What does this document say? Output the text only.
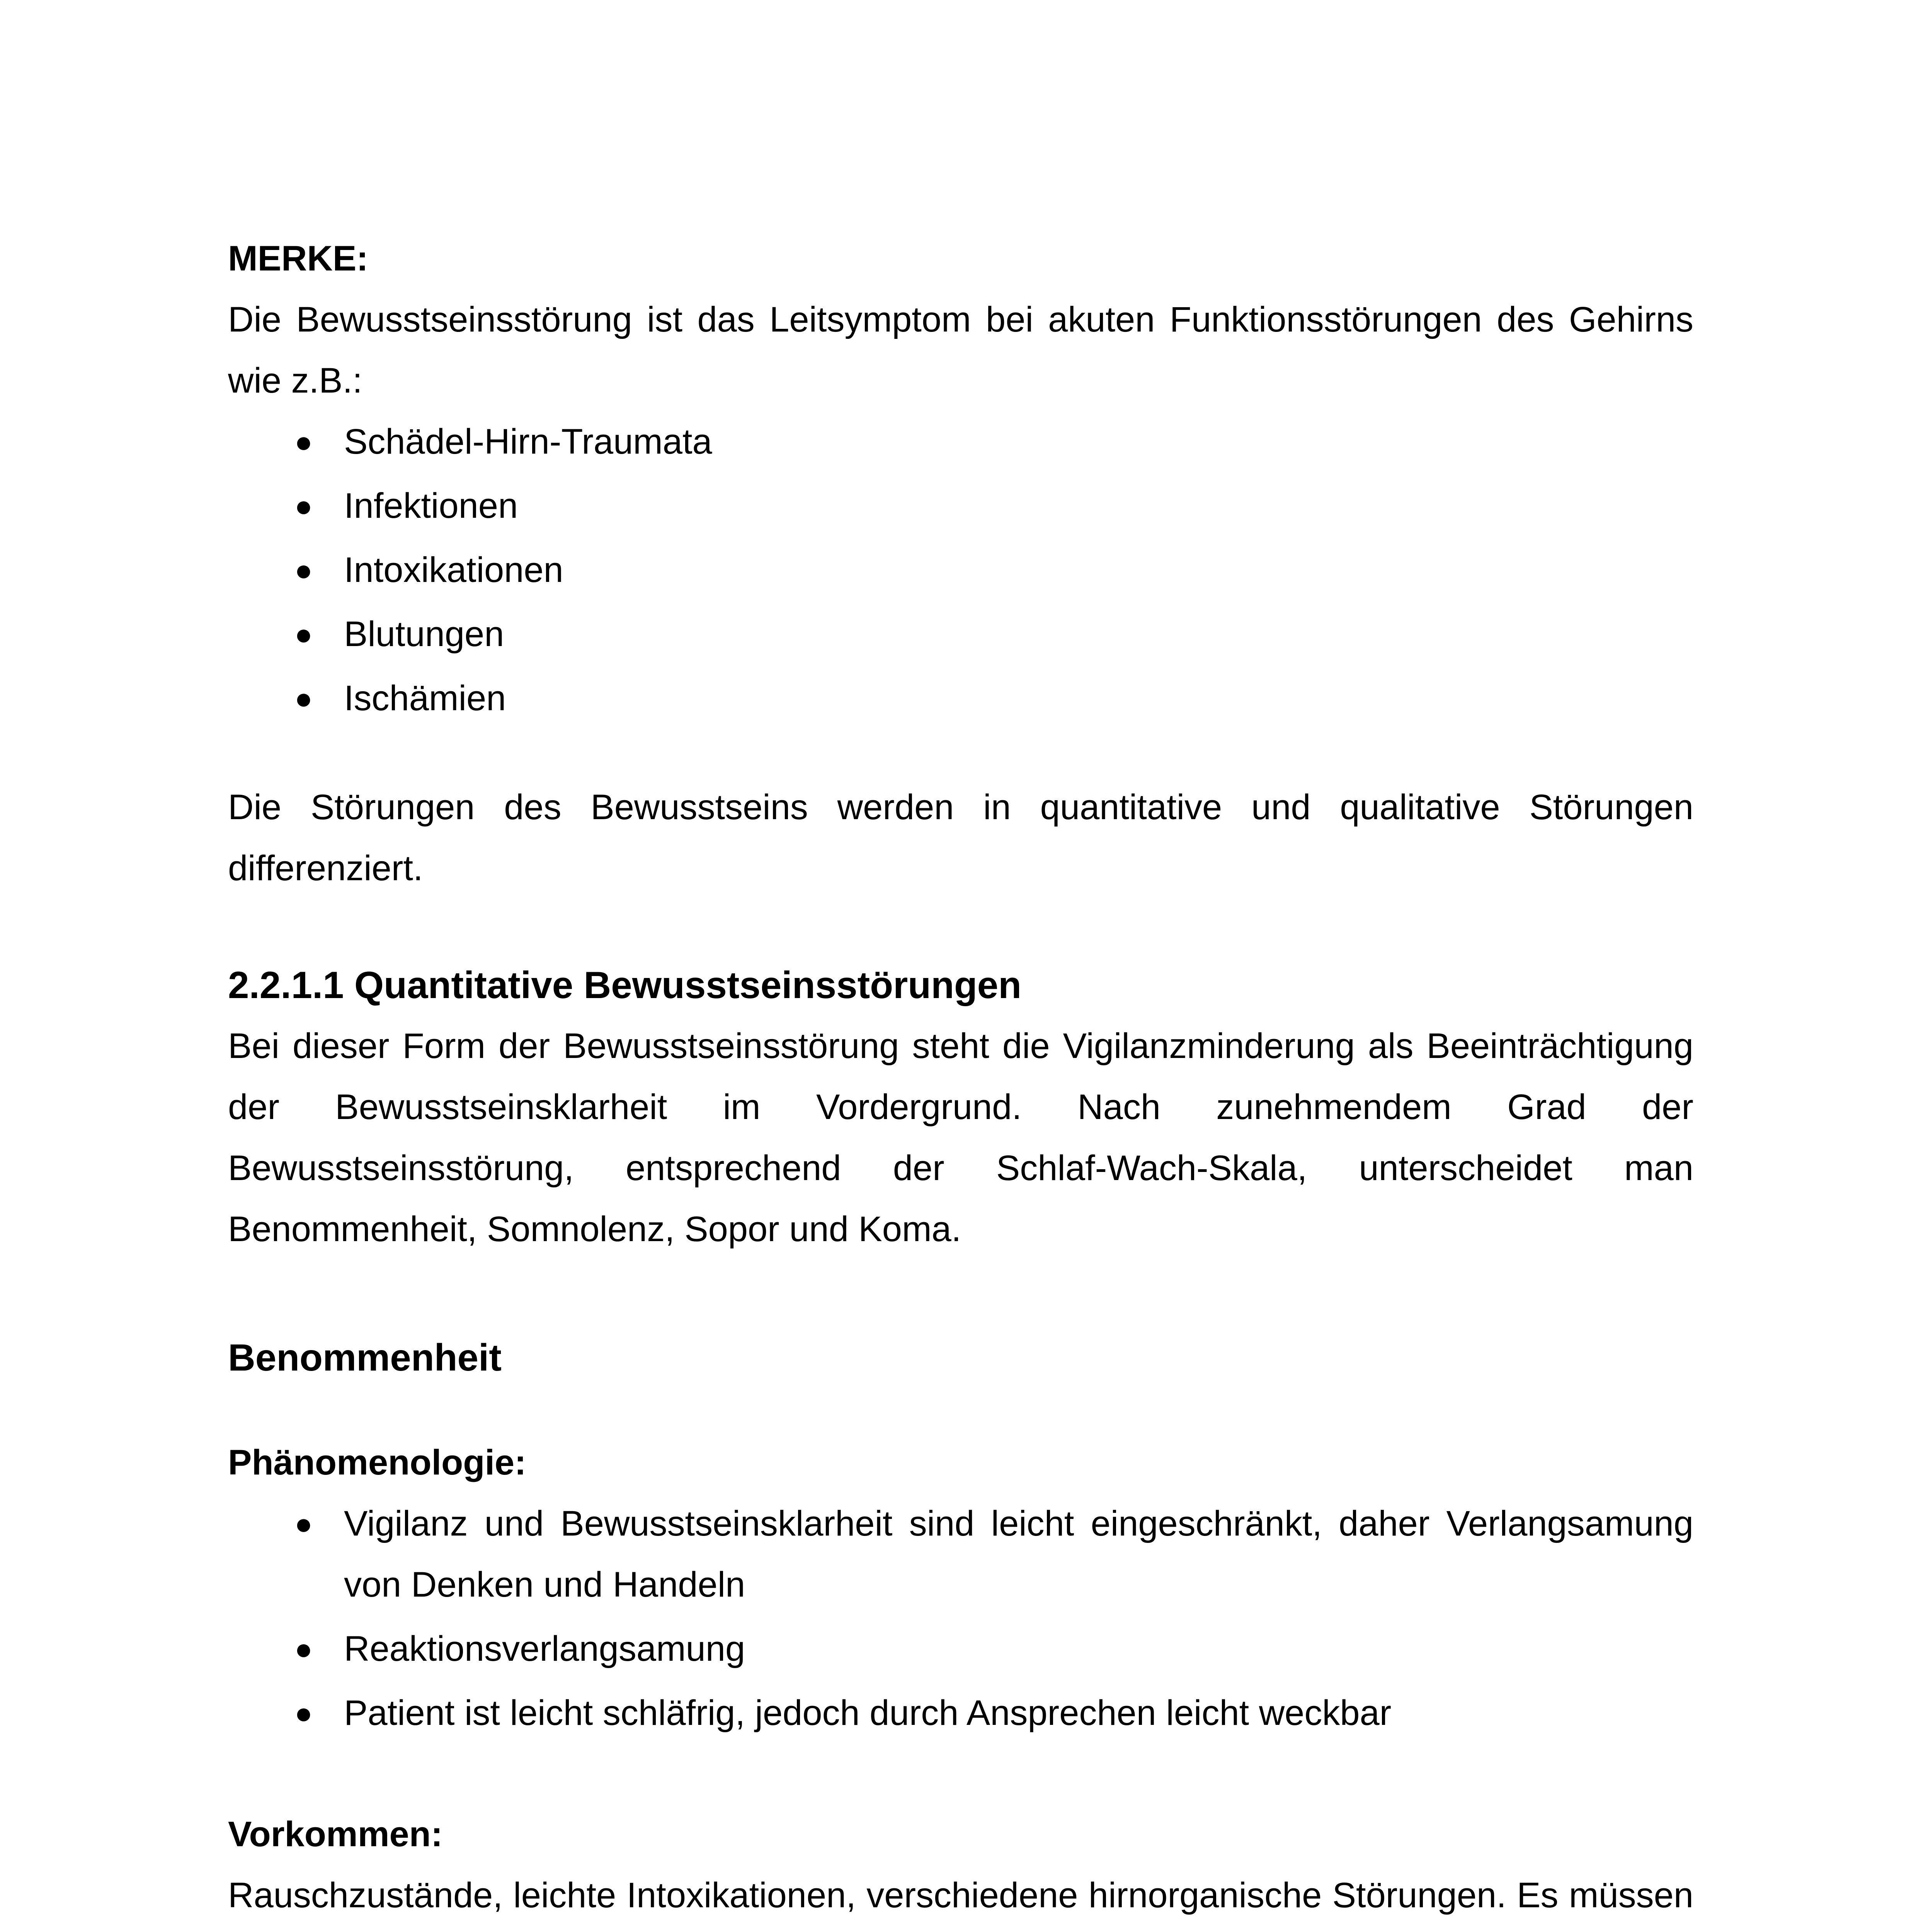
MERKE:

Die Bewusstseinsstörung ist das Leitsymptom bei akuten Funktionsstörungen des Gehirns wie z.B.:

● Schädel-Hirn-Traumata
● Infektionen
● Intoxikationen
● Blutungen
● Ischämien

Die Störungen des Bewusstseins werden in quantitative und qualitative Störungen differenziert.

2.2.1.1 Quantitative Bewusstseinsstörungen

Bei dieser Form der Bewusstseinsstörung steht die Vigilanzminderung als Beeinträchtigung der Bewusstseinsklarheit im Vordergrund. Nach zunehmendem Grad der Bewusstseinsstörung, entsprechend der Schlaf-Wach-Skala, unterscheidet man Benommenheit, Somnolenz, Sopor und Koma.

Benommenheit

Phänomenologie:

● Vigilanz und Bewusstseinsklarheit sind leicht eingeschränkt, daher Verlangsamung von Denken und Handeln
● Reaktionsverlangsamung
● Patient ist leicht schläfrig, jedoch durch Ansprechen leicht weckbar

Vorkommen:

Rauschzustände, leichte Intoxikationen, verschiedene hirnorganische Störungen. Es müssen
